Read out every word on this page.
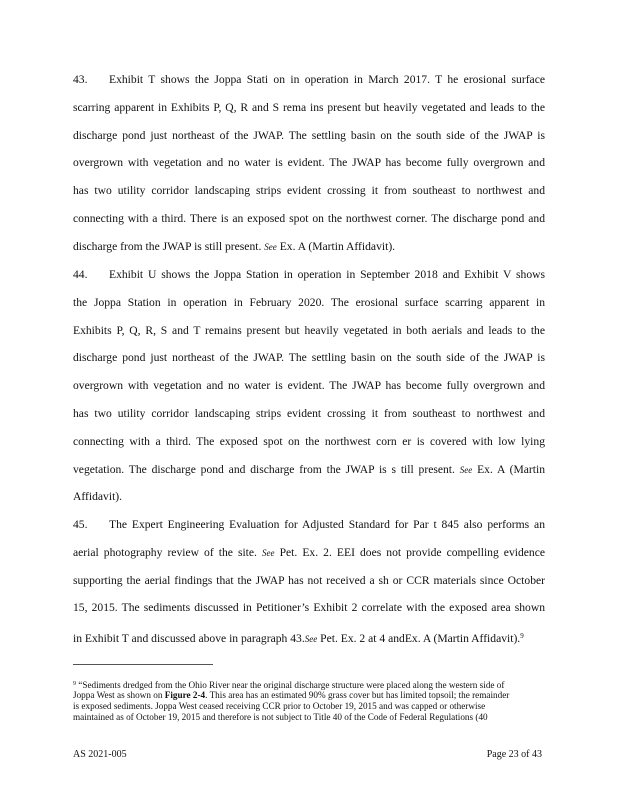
43. Exhibit T shows the Joppa Stati on in operation in March 2017. T he erosional surface
scarring apparent in Exhibits P, Q, R and S rema ins present but heavily vegetated and leads to the
discharge pond just northeast of the JWAP. The settling basin on the south side of the JWAP is
overgrown with vegetation and no water is evident. The JWAP has become fully overgrown and
has two utility corridor landscaping strips evident crossing it from southeast to northwest and
connecting with a third. There is an exposed spot on the northwest corner. The discharge pond and
discharge from the JWAP is still present. See Ex. A (Martin Affidavit).
44. Exhibit U shows the Joppa Station in operation in September 2018 and Exhibit V shows
the Joppa Station in operation in February 2020. The erosional surface scarring apparent in
Exhibits P, Q, R, S and T remains present but heavily vegetated in both aerials and leads to the
discharge pond just northeast of the JWAP. The settling basin on the south side of the JWAP is
overgrown with vegetation and no water is evident. The JWAP has become fully overgrown and
has two utility corridor landscaping strips evident crossing it from southeast to northwest and
connecting with a third. The exposed spot on the northwest corn er is covered with low lying
vegetation. The discharge pond and discharge from the JWAP is s till present. See Ex. A (Martin
Affidavit).
45. The Expert Engineering Evaluation for Adjusted Standard for Par t 845 also performs an
aerial photography review of the site. See Pet. Ex. 2. EEI does not provide compelling evidence
supporting the aerial findings that the JWAP has not received a sh or CCR materials since October
15, 2015. The sediments discussed in Petitioner’s Exhibit 2 correlate with the exposed area shown
in Exhibit T and discussed above in paragraph 43.See Pet. Ex. 2 at 4 andEx. A (Martin Affidavit).$^9$
$^9$ “Sediments dredged from the Ohio River near the original discharge structure were placed along the western side of
Joppa West as shown on Figure 2-4. This area has an estimated 90% grass cover but has limited topsoil; the remainder
is exposed sediments. Joppa West ceased receiving CCR prior to October 19, 2015 and was capped or otherwise
maintained as of October 19, 2015 and therefore is not subject to Title 40 of the Code of Federal Regulations (40
AS 2021-005	Page 23 of 43
